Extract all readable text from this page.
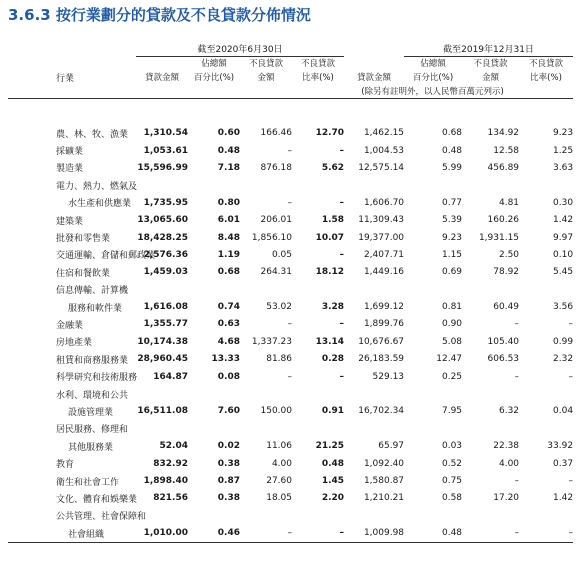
3.6.3 按行業劃分的貸款及不良貸款分佈情況
	截至2020年6月30日					截至2019年12月31日		
		佔總額	不良貸款	不良貸款		佔總額	不良貸款	不良貸款
行業	貸款金額	百分比(%)	金額	比率(%)	貸款金額	百分比(%)	金額	比率(%)
				(除另有註明外，以人民幣百萬元列示)				

農、林、牧、漁業	1,310.54	0.60	166.46	12.70	1,462.15	0.68	134.92	9.23
採礦業	1,053.61	0.48	–	–	1,004.53	0.48	12.58	1.25
製造業	15,596.99	7.18	876.18	5.62	12,575.14	5.99	456.89	3.63
電力、熱力、燃氣及								
水生產和供應業	1,735.95	0.80	–	–	1,606.70	0.77	4.81	0.30
建築業	13,065.60	6.01	206.01	1.58	11,309.43	5.39	160.26	1.42
批發和零售業	18,428.25	8.48	1,856.10	10.07	19,377.00	9.23	1,931.15	9.97
交通運輸、倉儲和郵政業	2,576.36	1.19	0.05	–	2,407.71	1.15	2.50	0.10
住宿和餐飲業	1,459.03	0.68	264.31	18.12	1,449.16	0.69	78.92	5.45
信息傳輸、計算機								
服務和軟件業	1,616.08	0.74	53.02	3.28	1,699.12	0.81	60.49	3.56
金融業	1,355.77	0.63	–	–	1,899.76	0.90	–	–
房地產業	10,174.38	4.68	1,337.23	13.14	10,676.67	5.08	105.40	0.99
租賃和商務服務業	28,960.45	13.33	81.86	0.28	26,183.59	12.47	606.53	2.32
科學研究和技術服務	164.87	0.08	–	–	529.13	0.25	–	–
水利、環境和公共								
設施管理業	16,511.08	7.60	150.00	0.91	16,702.34	7.95	6.32	0.04
居民服務、修理和								
其他服務業	52.04	0.02	11.06	21.25	65.97	0.03	22.38	33.92
教育	832.92	0.38	4.00	0.48	1,092.40	0.52	4.00	0.37
衛生和社會工作	1,898.40	0.87	27.60	1.45	1,580.87	0.75	–	–
文化、體育和娛樂業	821.56	0.38	18.05	2.20	1,210.21	0.58	17.20	1.42
公共管理、社會保障和								
社會組織	1,010.00	0.46	–	–	1,009.98	0.48	–	–
